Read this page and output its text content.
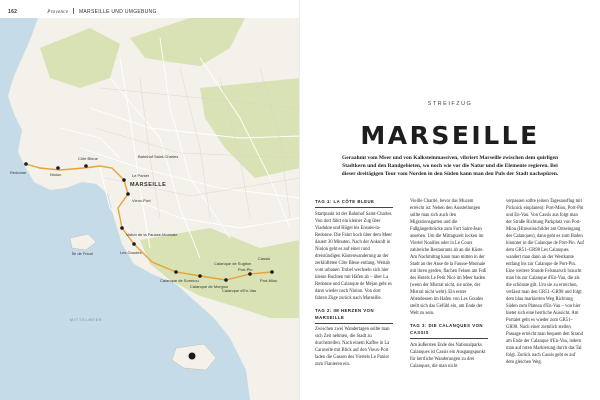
162	Provence MARSEILLE UND UMGEBUNG
MARSEILLE
MITTELMEER
Bahnhof Saint-Charles
Côte Bleue
Le Panier
Niolon
Vieux-Port
Île de Frioul	Les Goudes
Calanque de Sormiou
Calanque de Morgiou
Calanque de Sugiton
Cassis
Port-Miou
Calanque d'En-Vau
Port-Pin
Redonne
Vallon de la Fausse-Monnaie
STREIFZUG
MARSEILLE
Geraahmt vom Meer und von Kalksteinmassiven, vibriert Marseille zwischen dem quirligen Stadtkern und den Randgebieten, wo noch wie vor die Natur und die Elemente regieren. Bei dieser dreitägigen Tour vom Norden in den Süden kann man den Puls der Stadt nachspüren.
TAG 1: LA CÔTE BLEUE
Startpunkt ist der Bahnhof Saint-Charles. Von dort fährt ein kleiner Zug über Viadukte und Hügel bis Ensuès-la-Redonne. Die Fahrt hoch über dem Meer dauert 30 Minuten. Nach der Ankunft in Niolon geht es auf einer rund dreistündigen Küstenwanderung an der zerklüfteten Côte Bleue entlang. Weitab vom urbanen Trubel wechseln sich hier kleine Buchten mit Häfen ab – über La Redonne und Calanque de Méjan geht es dann wieder nach Niolon. Von dort fahren Züge zurück nach Marseille.
TAG 2: IM HERZEN VON MARSEILLE
Zwischen zwei Wandertagen sollte man sich Zeit nehmen, die Stadt zu durchstreifen. Nach einem Kaffee in La Caravelle mit Blick auf den Vieux-Port laden die Gassen des Viertels Le Panier zum Flanieren ein.
Vieille Charité, bevor das Mucem erreicht ist: Neben den Ausstellungen sollte man sich auch den Migrationsgarten und die Fußgängerbrücke zum Fort Saint-Jean ansehen. Um die Mittagszeit locken im Viertel Noailles oder in Le Cours zahlreiche Restaurants ab an die Küste. Am Nachmittag kann man mitten in der Stadt an der Anse de la Fausse-Monnaie mit ihren gerden, flachen Felsen am Fuß des Hotels Le Petit Nice im Meer baden (wenn der Mistral nicht, sie unbe, der Mistral nicht weht). Ein erster Abendessen im Hafen von Les Goudes stellt sich das Gefühl ein, am Ende der Welt zu sein.
TAG 3: DIE CALANQUES VON CASSIS
Am äußersten Ende des Nationalparks Calanques ist Cassis ein Ausgangspunkt für herrliche Wanderungen zu drei Calanques, die man nicht
verpassen sollte (einen Tagesausflug mit Picknick einplanen): Port-Miou, Port-Pin und En-Vau. Von Cassis aus folgt man der Straße Richtung Parkplatz von Port-Miou (Hinweisschilder am Ortseingang des Calanques), dann geht es zum Baden hinunter in die Calanque de Port-Pin. Auf dem GR51–GR98 Les Calanques wandert man dann an der Westkante entlang bis zur Calanque de Port-Pin. Eine weitere Stunde Felsmarsch braucht man bis zur Calanque d'En-Vau, die als die schönste gilt. Um sie zu erreichen, verlässt man den GR51–GR98 und folgt dem blau markierten Weg Richtung Süden zum Plateau d'En-Vau – von hier bietet sich eine herrliche Aussicht. Am Portalet geht es wieder zum GR51–GR98. Nach einer ziemlich steilen Passage erreicht man bequem den Strand am Ende der Calanque d'En-Vau, indem man auf roten Markierung durch das Tal folgt. Zurück nach Cassis geht es auf dem gleichen Weg.
